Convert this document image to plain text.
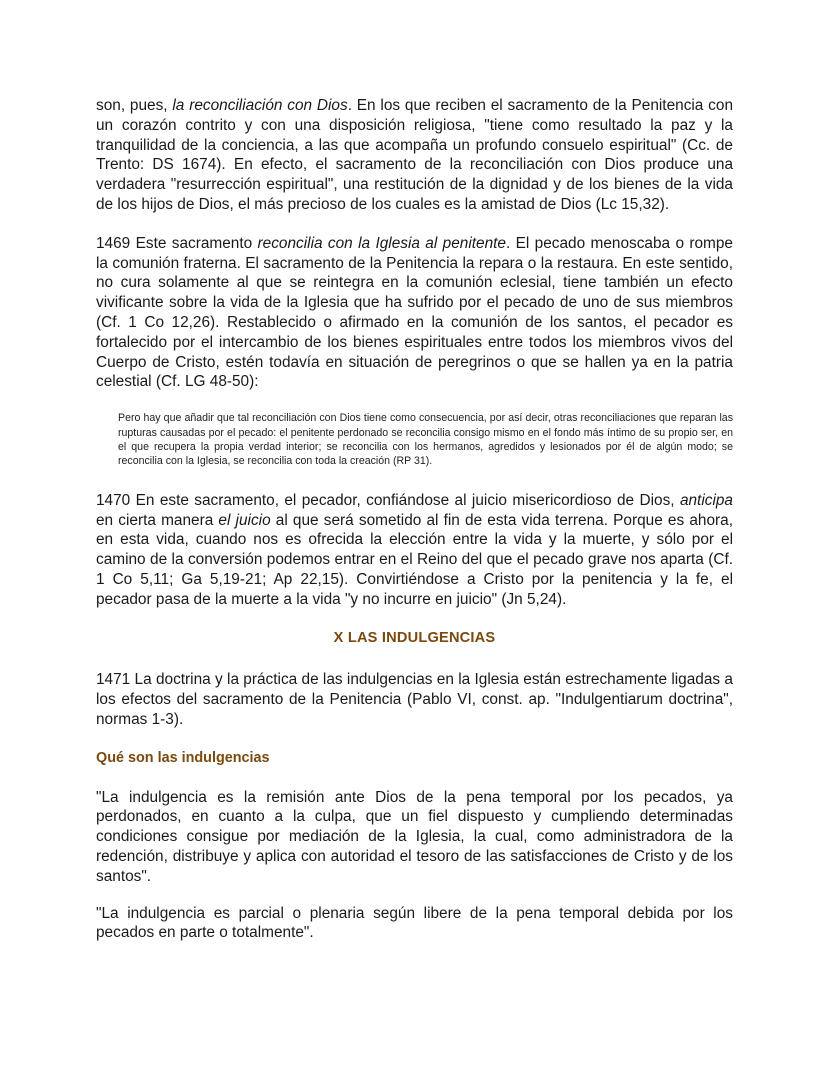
son, pues, la reconciliación con Dios. En los que reciben el sacramento de la Penitencia con un corazón contrito y con una disposición religiosa, "tiene como resultado la paz y la tranquilidad de la conciencia, a las que acompaña un profundo consuelo espiritual" (Cc. de Trento: DS 1674). En efecto, el sacramento de la reconciliación con Dios produce una verdadera "resurrección espiritual", una restitución de la dignidad y de los bienes de la vida de los hijos de Dios, el más precioso de los cuales es la amistad de Dios (Lc 15,32).

1469 Este sacramento reconcilia con la Iglesia al penitente. El pecado menoscaba o rompe la comunión fraterna. El sacramento de la Penitencia la repara o la restaura. En este sentido, no cura solamente al que se reintegra en la comunión eclesial, tiene también un efecto vivificante sobre la vida de la Iglesia que ha sufrido por el pecado de uno de sus miembros (Cf. 1 Co 12,26). Restablecido o afirmado en la comunión de los santos, el pecador es fortalecido por el intercambio de los bienes espirituales entre todos los miembros vivos del Cuerpo de Cristo, estén todavía en situación de peregrinos o que se hallen ya en la patria celestial (Cf. LG 48-50):

Pero hay que añadir que tal reconciliación con Dios tiene como consecuencia, por así decir, otras reconciliaciones que reparan las rupturas causadas por el pecado: el penitente perdonado se reconcilia consigo mismo en el fondo más íntimo de su propio ser, en el que recupera la propia verdad interior; se reconcilia con los hermanos, agredidos y lesionados por él de algún modo; se reconcilia con la Iglesia, se reconcilia con toda la creación (RP 31).

1470 En este sacramento, el pecador, confiándose al juicio misericordioso de Dios, anticipa en cierta manera el juicio al que será sometido al fin de esta vida terrena. Porque es ahora, en esta vida, cuando nos es ofrecida la elección entre la vida y la muerte, y sólo por el camino de la conversión podemos entrar en el Reino del que el pecado grave nos aparta (Cf. 1 Co 5,11; Ga 5,19-21; Ap 22,15). Convirtiéndose a Cristo por la penitencia y la fe, el pecador pasa de la muerte a la vida "y no incurre en juicio" (Jn 5,24).

X LAS INDULGENCIAS

1471 La doctrina y la práctica de las indulgencias en la Iglesia están estrechamente ligadas a los efectos del sacramento de la Penitencia (Pablo VI, const. ap. "Indulgentiarum doctrina", normas 1-3).

Qué son las indulgencias

"La indulgencia es la remisión ante Dios de la pena temporal por los pecados, ya perdonados, en cuanto a la culpa, que un fiel dispuesto y cumpliendo determinadas condiciones consigue por mediación de la Iglesia, la cual, como administradora de la redención, distribuye y aplica con autoridad el tesoro de las satisfacciones de Cristo y de los santos".

"La indulgencia es parcial o plenaria según libere de la pena temporal debida por los pecados en parte o totalmente".
